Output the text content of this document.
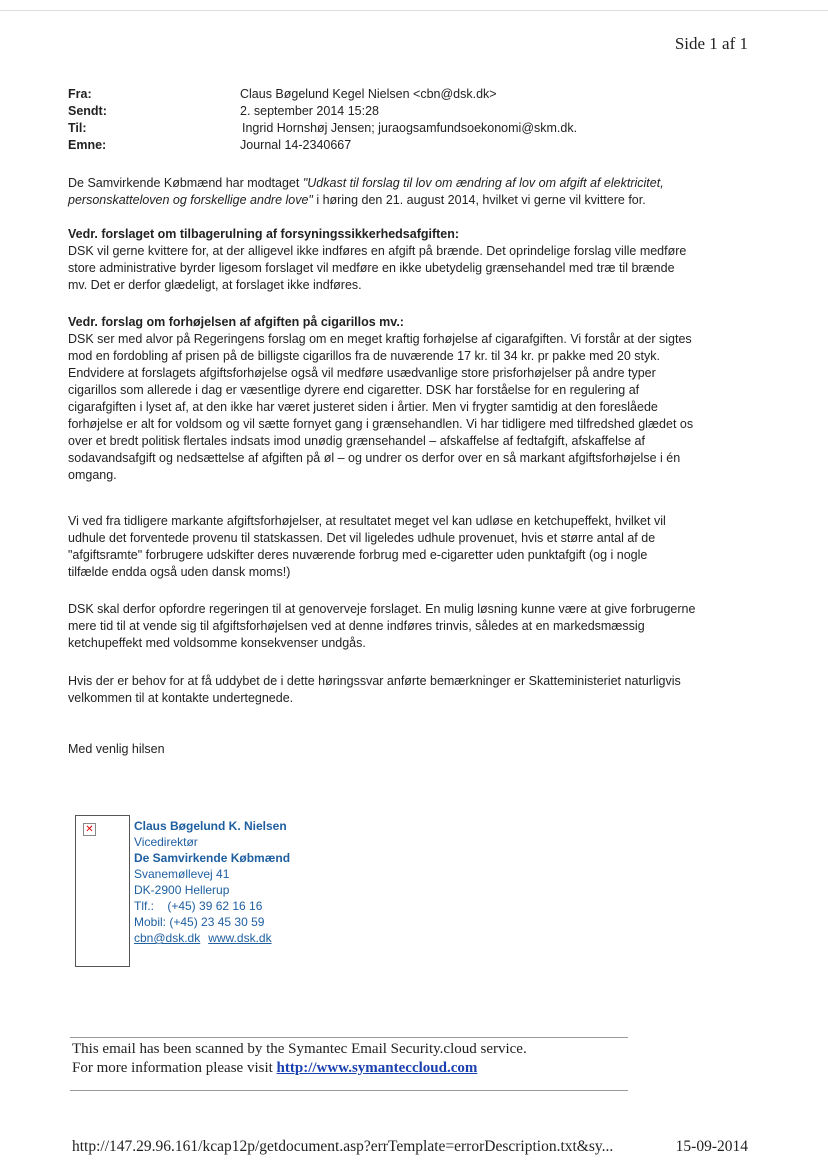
Side 1 af 1
Fra:	Claus Bøgelund Kegel Nielsen <cbn@dsk.dk>
Sendt:	2. september 2014 15:28
Til:	Ingrid Hornshøj Jensen; juraogsamfundsoekonomi@skm.dk.
Emne:	Journal 14-2340667
De Samvirkende Købmænd har modtaget "Udkast til forslag til lov om ændring af lov om afgift af elektricitet,
personskatteloven og forskellige andre love" i høring den 21. august 2014, hvilket vi gerne vil kvittere for.
Vedr. forslaget om tilbagerulning af forsyningssikkerhedsafgiften:
DSK vil gerne kvittere for, at der alligevel ikke indføres en afgift på brænde. Det oprindelige forslag ville medføre
store administrative byrder ligesom forslaget vil medføre en ikke ubetydelig grænsehandel med træ til brænde
mv. Det er derfor glædeligt, at forslaget ikke indføres.
Vedr. forslag om forhøjelsen af afgiften på cigarillos mv.:
DSK ser med alvor på Regeringens forslag om en meget kraftig forhøjelse af cigarafgiften. Vi forstår at der sigtes
mod en fordobling af prisen på de billigste cigarillos fra de nuværende 17 kr. til 34 kr. pr pakke med 20 styk.
Endvidere at forslagets afgiftsforhøjelse også vil medføre usædvanlige store prisforhøjelser på andre typer
cigarillos som allerede i dag er væsentlige dyrere end cigaretter. DSK har forståelse for en regulering af
cigarafgiften i lyset af, at den ikke har været justeret siden i årtier. Men vi frygter samtidig at den foreslåede
forhøjelse er alt for voldsom og vil sætte fornyet gang i grænsehandlen. Vi har tidligere med tilfredshed glædet os
over et bredt politisk flertales indsats imod unødig grænsehandel – afskaffelse af fedtafgift, afskaffelse af
sodavandsafgift og nedsættelse af afgiften på øl – og undrer os derfor over en så markant afgiftsforhøjelse i én
omgang.
Vi ved fra tidligere markante afgiftsforhøjelser, at resultatet meget vel kan udløse en ketchupeffekt, hvilket vil
udhule det forventede provenu til statskassen. Det vil ligeledes udhule provenuet, hvis et større antal af de
"afgiftsramte" forbrugere udskifter deres nuværende forbrug med e-cigaretter uden punktafgift (og i nogle
tilfælde endda også uden dansk moms!)
DSK skal derfor opfordre regeringen til at genoverveje forslaget. En mulig løsning kunne være at give forbrugerne
mere tid til at vende sig til afgiftsforhøjelsen ved at denne indføres trinvis, således at en markedsmæssig
ketchupeffekt med voldsomme konsekvenser undgås.
Hvis der er behov for at få uddybet de i dette høringssvar anførte bemærkninger er Skatteministeriet naturligvis
velkommen til at kontakte undertegnede.
Med venlig hilsen
✕	Claus Bøgelund K. Nielsen
Vicedirektør
De Samvirkende Købmænd
Svanemøllevej 41
DK-2900 Hellerup
Tlf.:    (+45) 39 62 16 16
Mobil: (+45) 23 45 30 59
cbn@dsk.dk www.dsk.dk
This email has been scanned by the Symantec Email Security.cloud service.
For more information please visit http://www.symanteccloud.com
http://147.29.96.161/kcap12p/getdocument.asp?errTemplate=errorDescription.txt&sy...	15-09-2014
